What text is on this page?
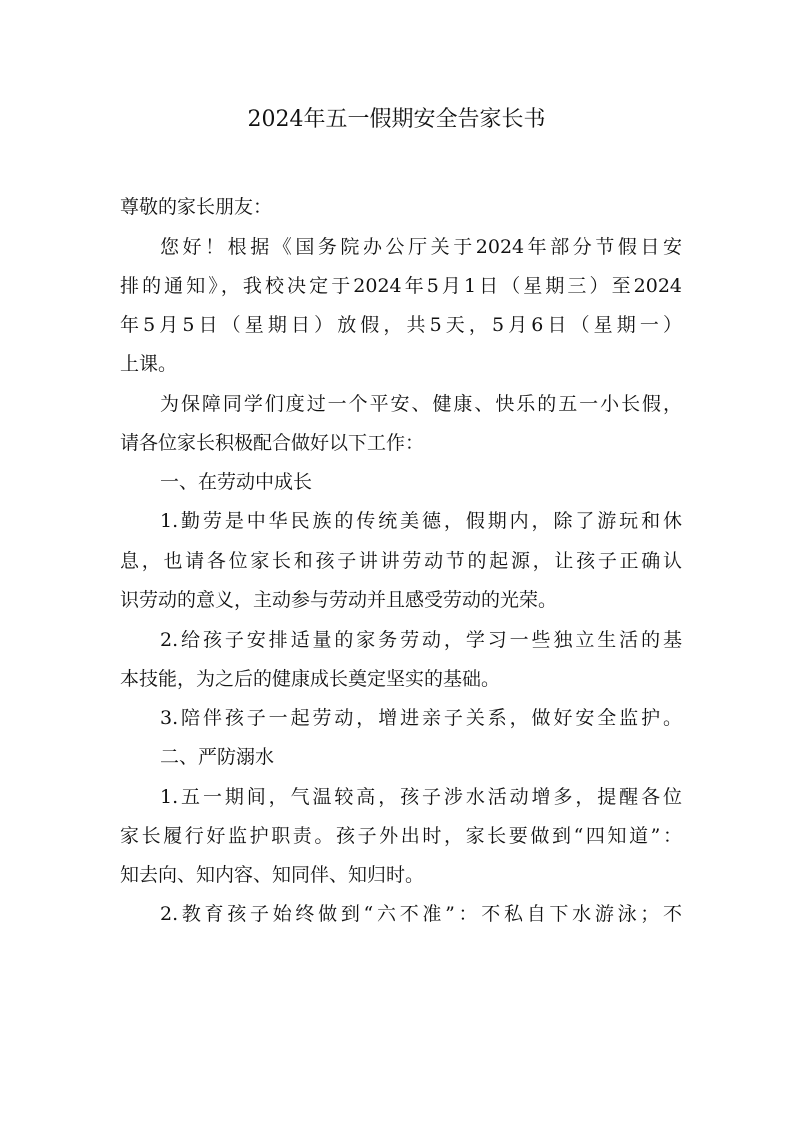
2024年五一假期安全告家长书
尊敬的家长朋友：
您好！根据《国务院办公厅关于2024年部分节假日安
排的通知》，我校决定于2024年5月1日（星期三）至2024
年5月5日（星期日）放假，共5天，5月6日（星期一）
上课。
为保障同学们度过一个平安、健康、快乐的五一小长假，
请各位家长积极配合做好以下工作：
一、在劳动中成长
1.勤劳是中华民族的传统美德，假期内，除了游玩和休
息，也请各位家长和孩子讲讲劳动节的起源，让孩子正确认
识劳动的意义，主动参与劳动并且感受劳动的光荣。
2.给孩子安排适量的家务劳动，学习一些独立生活的基
本技能，为之后的健康成长奠定坚实的基础。
3.陪伴孩子一起劳动，增进亲子关系，做好安全监护。
二、严防溺水
1.五一期间，气温较高，孩子涉水活动增多，提醒各位
家长履行好监护职责。孩子外出时，家长要做到“四知道”：
知去向、知内容、知同伴、知归时。
2.教育孩子始终做到“六不准”：不私自下水游泳；不
